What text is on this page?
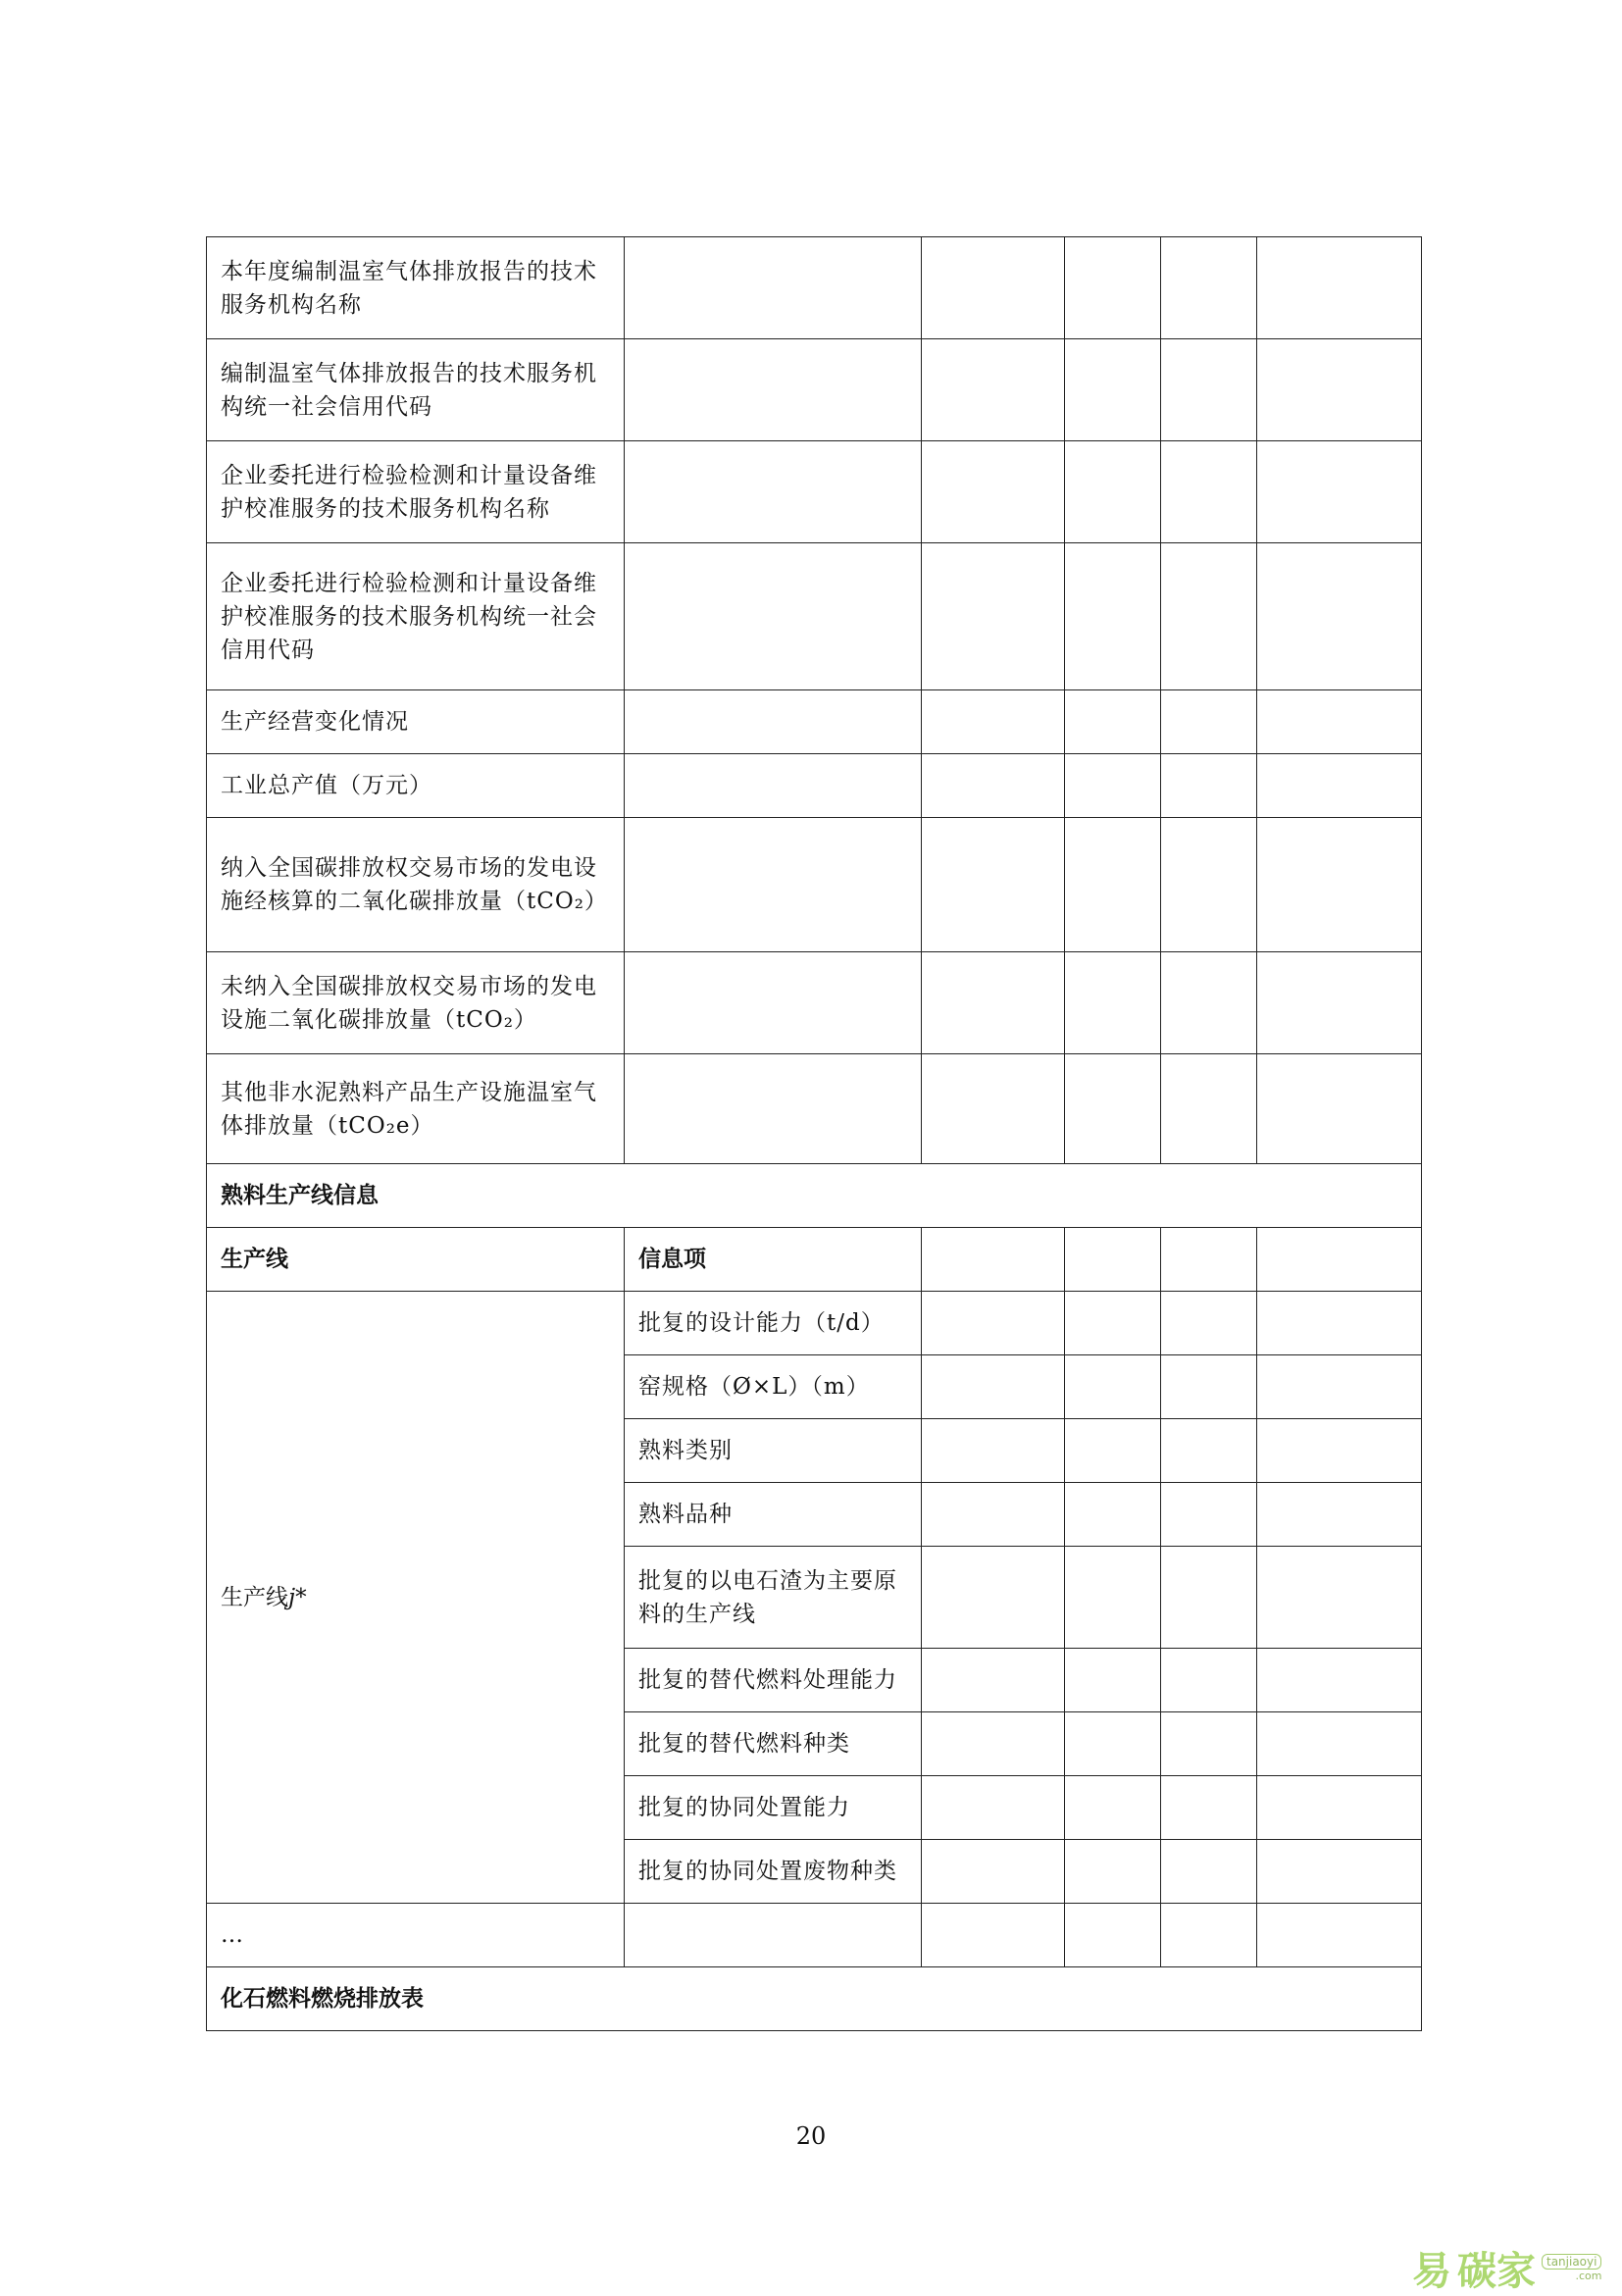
本年度编制温室气体排放报告的技术服务机构名称					
编制温室气体排放报告的技术服务机构统一社会信用代码					
企业委托进行检验检测和计量设备维护校准服务的技术服务机构名称					
企业委托进行检验检测和计量设备维护校准服务的技术服务机构统一社会信用代码					
生产经营变化情况					
工业总产值（万元）					
纳入全国碳排放权交易市场的发电设施经核算的二氧化碳排放量（tCO₂）					
未纳入全国碳排放权交易市场的发电设施二氧化碳排放量（tCO₂）					
其他非水泥熟料产品生产设施温室气体排放量（tCO₂e）					
熟料生产线信息					
生产线	信息项				
生产线j*	批复的设计能力（t/d）				
	窑规格（Ø×L）（m）				
	熟料类别				
	熟料品种				
	批复的以电石渣为主要原料的生产线				
	批复的替代燃料处理能力				
	批复的替代燃料种类				
	批复的协同处置能力				
	批复的协同处置废物种类				
…					
化石燃料燃烧排放表					
20
易 碳家 tanjiaoyi
.com
